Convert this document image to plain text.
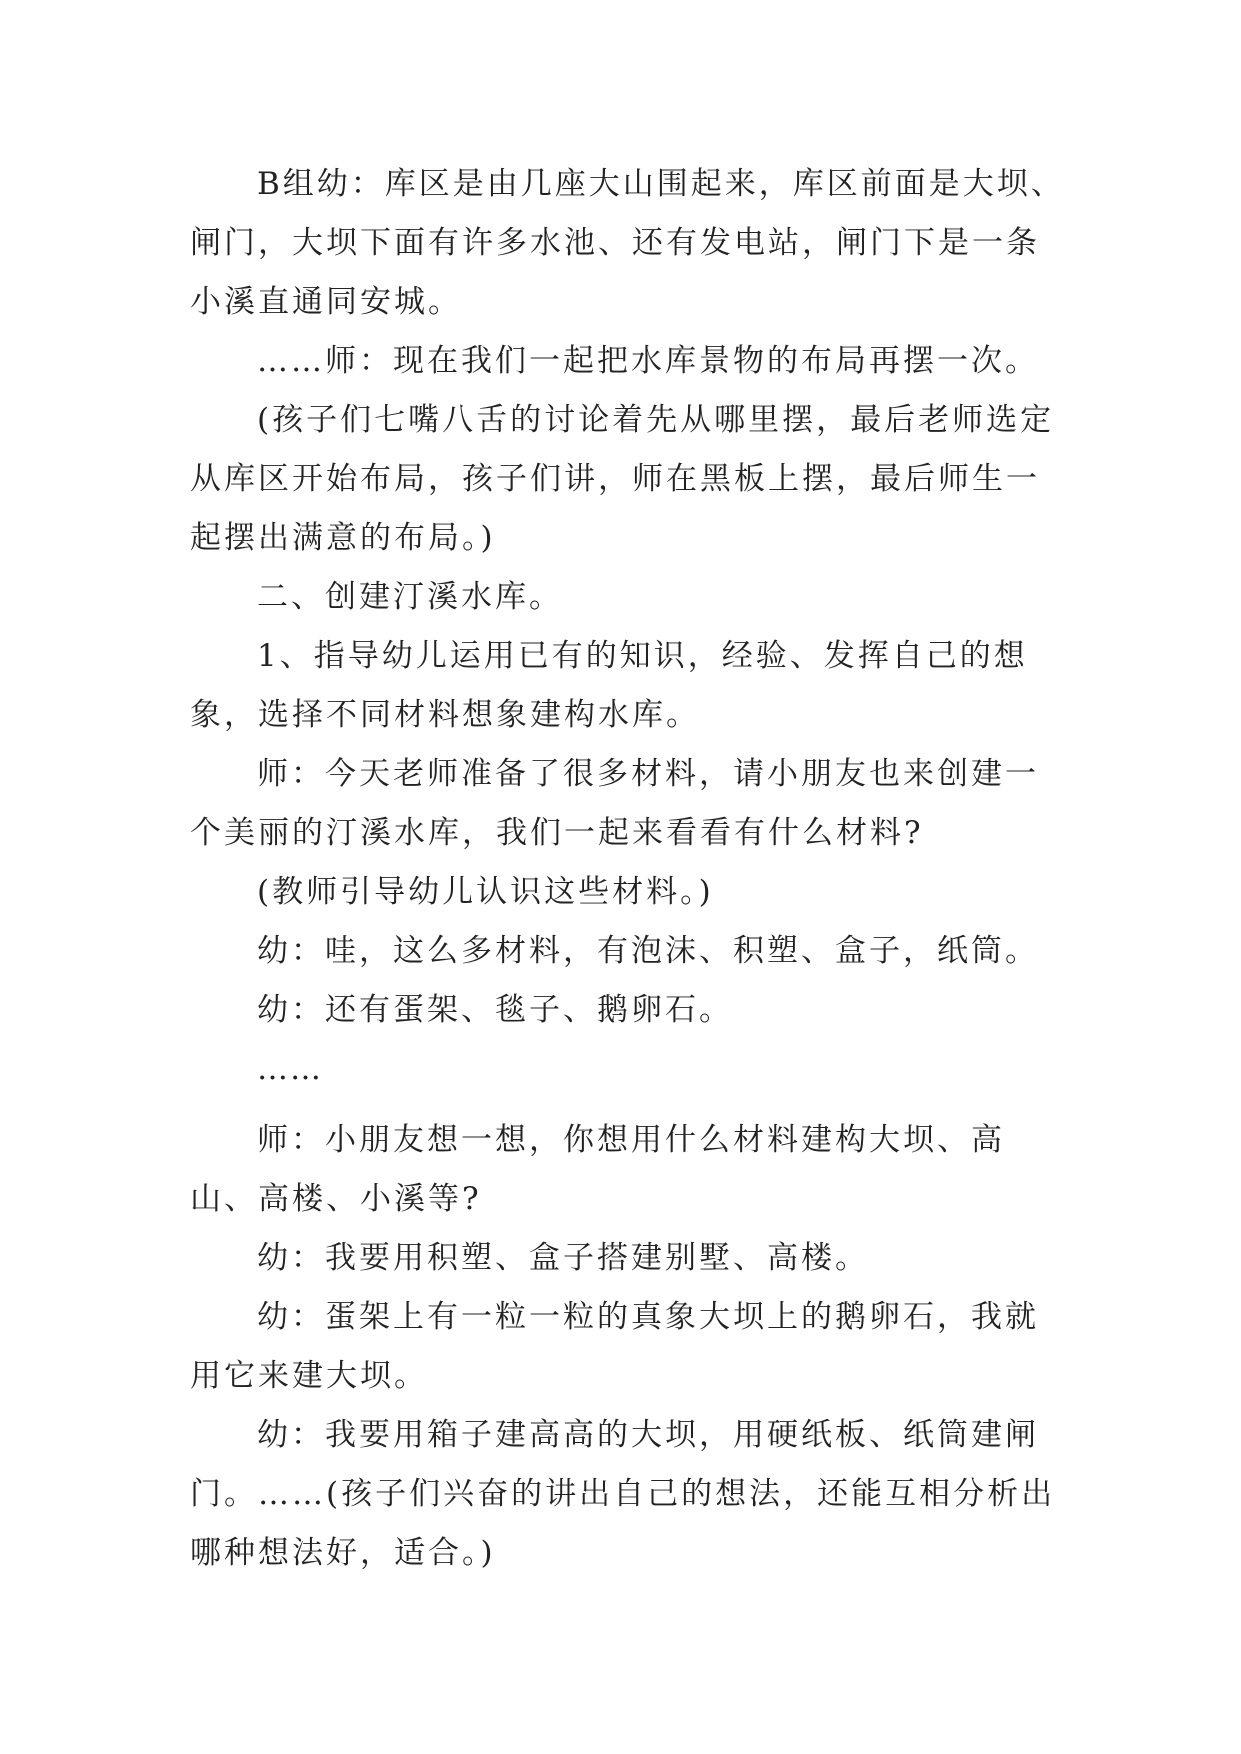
B组幼：库区是由几座大山围起来，库区前面是大坝、闸门，大坝下面有许多水池、还有发电站，闸门下是一条小溪直通同安城。

……师：现在我们一起把水库景物的布局再摆一次。

(孩子们七嘴八舌的讨论着先从哪里摆，最后老师选定从库区开始布局，孩子们讲，师在黑板上摆，最后师生一起摆出满意的布局。)

二、创建汀溪水库。

1、指导幼儿运用已有的知识，经验、发挥自己的想象，选择不同材料想象建构水库。

师：今天老师准备了很多材料，请小朋友也来创建一个美丽的汀溪水库，我们一起来看看有什么材料?

(教师引导幼儿认识这些材料。)

幼：哇，这么多材料，有泡沫、积塑、盒子，纸筒。

幼：还有蛋架、毯子、鹅卵石。

……

师：小朋友想一想，你想用什么材料建构大坝、高山、高楼、小溪等?

幼：我要用积塑、盒子搭建别墅、高楼。

幼：蛋架上有一粒一粒的真象大坝上的鹅卵石，我就用它来建大坝。

幼：我要用箱子建高高的大坝，用硬纸板、纸筒建闸门。……(孩子们兴奋的讲出自己的想法，还能互相分析出哪种想法好，适合。)
